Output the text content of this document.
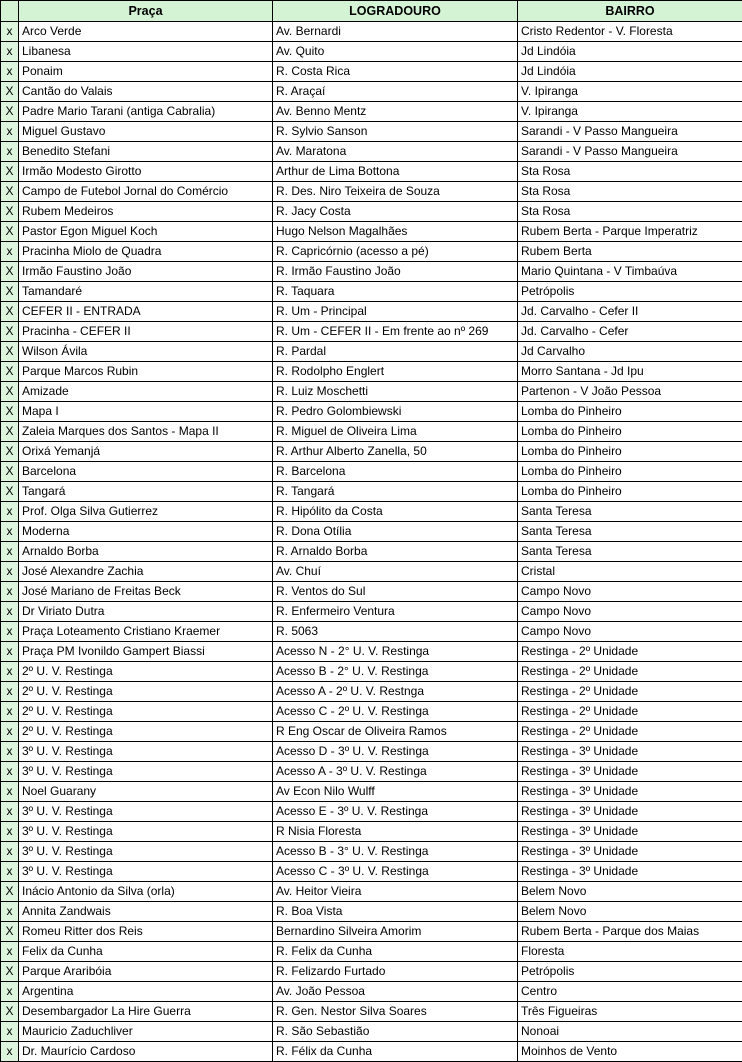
	Praça	LOGRADOURO	BAIRRO
x	Arco Verde	Av. Bernardi	Cristo Redentor - V. Floresta
x	Libanesa	Av. Quito	Jd Lindóia
x	Ponaim	R. Costa Rica	Jd Lindóia
X	Cantão do Valais	R. Araçaí	V. Ipiranga
X	Padre Mario Tarani (antiga Cabralia)	Av. Benno Mentz	V. Ipiranga
x	Miguel Gustavo	R. Sylvio Sanson	Sarandi - V Passo Mangueira
x	Benedito Stefani	Av. Maratona	Sarandi - V Passo Mangueira
X	Irmão Modesto Girotto	Arthur de Lima Bottona	Sta Rosa
X	Campo de Futebol Jornal do Comércio	R. Des. Niro Teixeira de Souza	Sta Rosa
X	Rubem Medeiros	R. Jacy Costa	Sta Rosa
X	Pastor Egon Miguel Koch	Hugo Nelson Magalhães	Rubem Berta - Parque Imperatriz
x	Pracinha Miolo de Quadra	R. Capricórnio (acesso a pé)	Rubem Berta
X	Irmão Faustino João	R. Irmão Faustino João	Mario Quintana - V Timbaúva
X	Tamandaré	R. Taquara	Petrópolis
X	CEFER II - ENTRADA	R. Um - Principal	Jd. Carvalho - Cefer II
X	Pracinha - CEFER II	R. Um - CEFER II - Em frente ao nº 269	Jd. Carvalho - Cefer
X	Wilson Ávila	R. Pardal	Jd Carvalho
X	Parque Marcos Rubin	R. Rodolpho Englert	Morro Santana - Jd Ipu
X	Amizade	R. Luiz Moschetti	Partenon - V João Pessoa
X	Mapa I	R. Pedro Golombiewski	Lomba do Pinheiro
X	Zaleia Marques dos Santos - Mapa II	R. Miguel de Oliveira Lima	Lomba do Pinheiro
X	Orixá Yemanjá	R. Arthur Alberto Zanella, 50	Lomba do Pinheiro
X	Barcelona	R. Barcelona	Lomba do Pinheiro
X	Tangará	R. Tangará	Lomba do Pinheiro
x	Prof. Olga Silva Gutierrez	R. Hipólito da Costa	Santa Teresa
x	Moderna	R. Dona Otília	Santa Teresa
x	Arnaldo Borba	R. Arnaldo Borba	Santa Teresa
x	José Alexandre Zachia	Av. Chuí	Cristal
x	José Mariano de Freitas Beck	R. Ventos do Sul	Campo Novo
x	Dr Viriato Dutra	R. Enfermeiro Ventura	Campo Novo
x	Praça Loteamento Cristiano Kraemer	R. 5063	Campo Novo
x	Praça PM Ivonildo Gampert Biassi	Acesso N - 2° U. V. Restinga	Restinga - 2º Unidade
x	2º U. V. Restinga	Acesso B - 2° U. V. Restinga	Restinga - 2º Unidade
x	2º U. V. Restinga	Acesso A - 2º U. V. Restnga	Restinga - 2º Unidade
x	2º U. V. Restinga	Acesso C - 2º U. V. Restinga	Restinga - 2º Unidade
x	2º U. V. Restinga	R Eng Oscar de Oliveira Ramos	Restinga - 2º Unidade
x	3º U. V. Restinga	Acesso D - 3º U. V. Restinga	Restinga - 3º Unidade
x	3º U. V. Restinga	Acesso A - 3º U. V. Restinga	Restinga - 3º Unidade
x	Noel Guarany	Av Econ Nilo Wulff	Restinga - 3º Unidade
x	3º U. V. Restinga	Acesso E - 3º U. V. Restinga	Restinga - 3º Unidade
x	3º U. V. Restinga	R Nisia Floresta	Restinga - 3º Unidade
x	3º U. V. Restinga	Acesso B - 3° U. V. Restinga	Restinga - 3º Unidade
x	3º U. V. Restinga	Acesso C - 3º U. V. Restinga	Restinga - 3º Unidade
X	Inácio Antonio da Silva (orla)	Av. Heitor Vieira	Belem Novo
x	Annita Zandwais	R. Boa Vista	Belem Novo
X	Romeu Ritter dos Reis	Bernardino Silveira Amorim	Rubem Berta - Parque dos Maias
x	Felix da Cunha	R. Felix da Cunha	Floresta
X	Parque Araribóia	R. Felizardo Furtado	Petrópolis
x	Argentina	Av. João Pessoa	Centro
X	Desembargador La Hire Guerra	R. Gen. Nestor Silva Soares	Três Figueiras
x	Mauricio Zaduchliver	R. São Sebastião	Nonoai
x	Dr. Maurício Cardoso	R. Félix da Cunha	Moinhos de Vento
